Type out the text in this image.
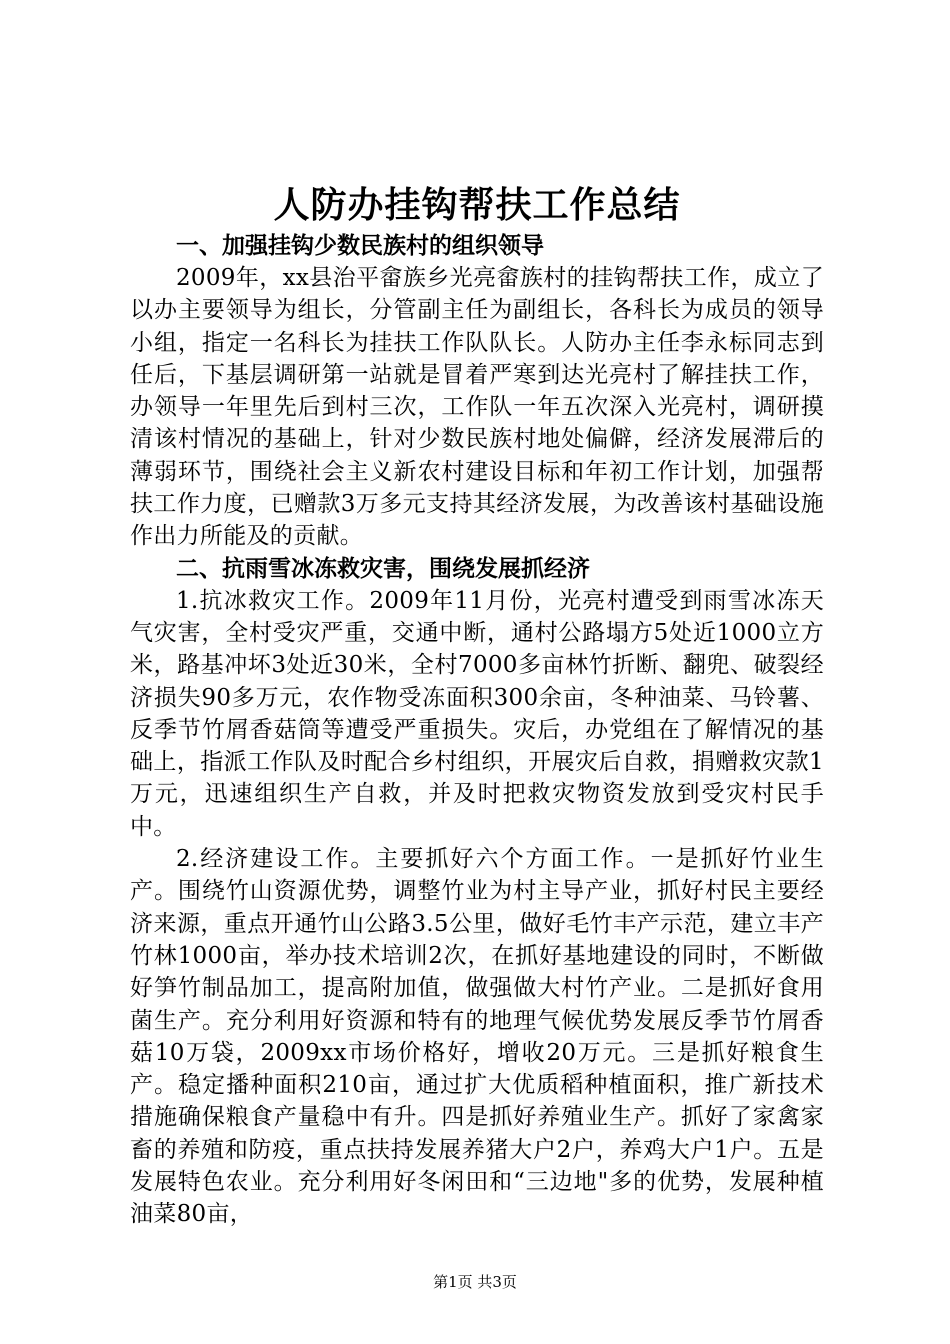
人防办挂钩帮扶工作总结

一、加强挂钩少数民族村的组织领导

2009年，xx县治平畲族乡光亮畲族村的挂钩帮扶工作，成立了以办主要领导为组长，分管副主任为副组长，各科长为成员的领导小组，指定一名科长为挂扶工作队队长。人防办主任李永标同志到任后，下基层调研第一站就是冒着严寒到达光亮村了解挂扶工作，办领导一年里先后到村三次，工作队一年五次深入光亮村，调研摸清该村情况的基础上，针对少数民族村地处偏僻，经济发展滞后的薄弱环节，围绕社会主义新农村建设目标和年初工作计划，加强帮扶工作力度，已赠款3万多元支持其经济发展，为改善该村基础设施作出力所能及的贡献。

二、抗雨雪冰冻救灾害，围绕发展抓经济

1.抗冰救灾工作。2009年11月份，光亮村遭受到雨雪冰冻天气灾害，全村受灾严重，交通中断，通村公路塌方5处近1000立方米，路基冲坏3处近30米，全村7000多亩林竹折断、翻兜、破裂经济损失90多万元，农作物受冻面积300余亩，冬种油菜、马铃薯、反季节竹屑香菇筒等遭受严重损失。灾后，办党组在了解情况的基础上，指派工作队及时配合乡村组织，开展灾后自救，捐赠救灾款1万元，迅速组织生产自救，并及时把救灾物资发放到受灾村民手中。

2.经济建设工作。主要抓好六个方面工作。一是抓好竹业生产。围绕竹山资源优势，调整竹业为村主导产业，抓好村民主要经济来源，重点开通竹山公路3.5公里，做好毛竹丰产示范，建立丰产竹林1000亩，举办技术培训2次，在抓好基地建设的同时，不断做好笋竹制品加工，提高附加值，做强做大村竹产业。二是抓好食用菌生产。充分利用好资源和特有的地理气候优势发展反季节竹屑香菇10万袋，2009xx市场价格好，增收20万元。三是抓好粮食生产。稳定播种面积210亩，通过扩大优质稻种植面积，推广新技术措施确保粮食产量稳中有升。四是抓好养殖业生产。抓好了家禽家畜的养殖和防疫，重点扶持发展养猪大户2户，养鸡大户1户。五是发展特色农业。充分利用好冬闲田和“三边地"多的优势，发展种植油菜80亩，

第1页 共3页
